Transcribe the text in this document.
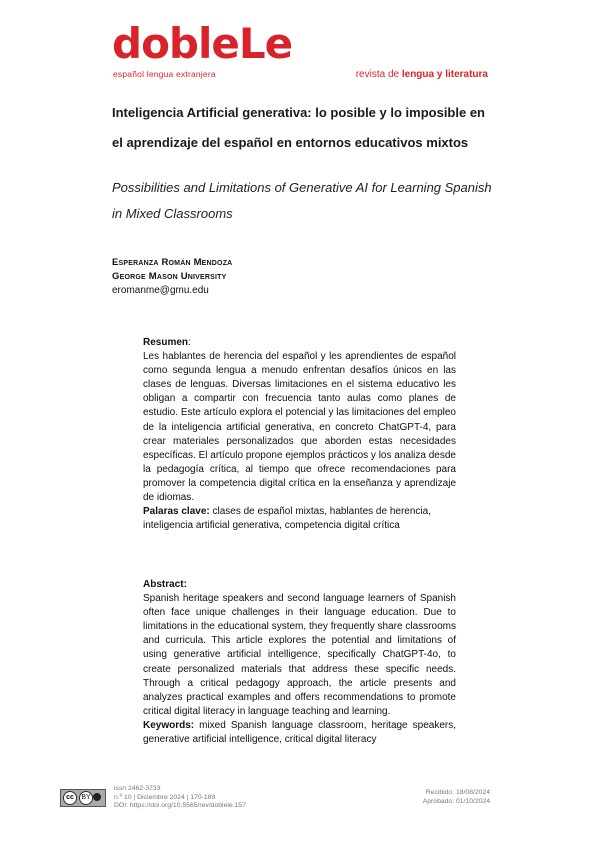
dobleLe
español lengua extranjera	revista de lengua y literatura
Inteligencia Artificial generativa: lo posible y lo imposible en el aprendizaje del español en entornos educativos mixtos
Possibilities and Limitations of Generative AI for Learning Spanish in Mixed Classrooms
Esperanza Román Mendoza
George Mason University
eromanme@gmu.edu
Resumen:
Les hablantes de herencia del español y les aprendientes de español como segunda lengua a menudo enfrentan desafíos únicos en las clases de lenguas. Diversas limitaciones en el sistema educativo les obligan a compartir con frecuencia tanto aulas como planes de estudio. Este artículo explora el potencial y las limitaciones del empleo de la inteligencia artificial generativa, en concreto ChatGPT-4, para crear materiales personalizados que aborden estas necesidades específicas. El artículo propone ejemplos prácticos y los analiza desde la pedagogía crítica, al tiempo que ofrece recomendaciones para promover la competencia digital crítica en la enseñanza y aprendizaje de idiomas.
Palaras clave: clases de español mixtas, hablantes de herencia, inteligencia artificial generativa, competencia digital crítica
Abstract:
Spanish heritage speakers and second language learners of Spanish often face unique challenges in their language education. Due to limitations in the educational system, they frequently share classrooms and curricula. This article explores the potential and limitations of using generative artificial intelligence, specifically ChatGPT-4o, to create personalized materials that address these specific needs. Through a critical pedagogy approach, the article presents and analyzes practical examples and offers recommendations to promote critical digital literacy in language teaching and learning.
Keywords: mixed Spanish language classroom, heritage speakers, generative artificial intelligence, critical digital literacy
cc	BY
issn 2462-3733
n.º 10 | Diciembre 2024 | 170-189
DOI: https://doi.org/10.5565/rev/doblele.157
Recibido: 18/08/2024
Aprobado: 01/10/2024
